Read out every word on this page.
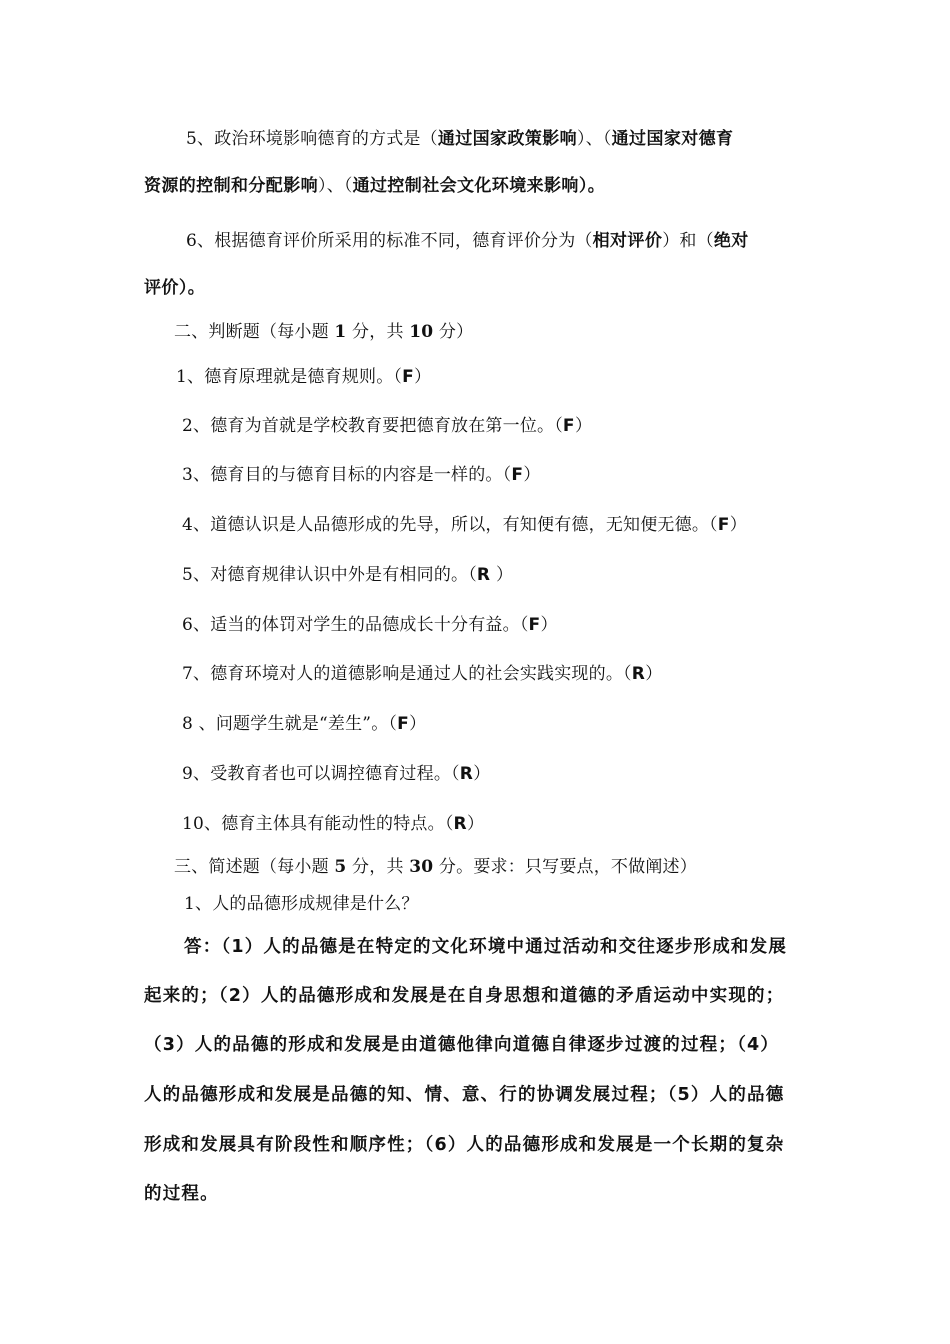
5、政治环境影响德育的方式是（通过国家政策影响）、（通过国家对德育
资源的控制和分配影响）、（通过控制社会文化环境来影响）。
6、根据德育评价所采用的标准不同，德育评价分为（相对评价）和（绝对
评价）。
二、判断题（每小题 1 分，共 10 分）
1、德育原理就是德育规则。（F）
2、德育为首就是学校教育要把德育放在第一位。（F）
3、德育目的与德育目标的内容是一样的。（F）
4、道德认识是人品德形成的先导，所以，有知便有德，无知便无德。（F）
5、对德育规律认识中外是有相同的。（R ）
6、适当的体罚对学生的品德成长十分有益。（F）
7、德育环境对人的道德影响是通过人的社会实践实现的。（R）
8 、问题学生就是“差生”。（F）
9、受教育者也可以调控德育过程。（R）
10、德育主体具有能动性的特点。（R）
三、简述题（每小题 5 分，共 30 分。要求：只写要点，不做阐述）
1、人的品德形成规律是什么？
答：（1）人的品德是在特定的文化环境中通过活动和交往逐步形成和发展
起来的；（2）人的品德形成和发展是在自身思想和道德的矛盾运动中实现的；
（3）人的品德的形成和发展是由道德他律向道德自律逐步过渡的过程；（4）
人的品德形成和发展是品德的知、情、意、行的协调发展过程；（5）人的品德
形成和发展具有阶段性和顺序性；（6）人的品德形成和发展是一个长期的复杂
的过程。
